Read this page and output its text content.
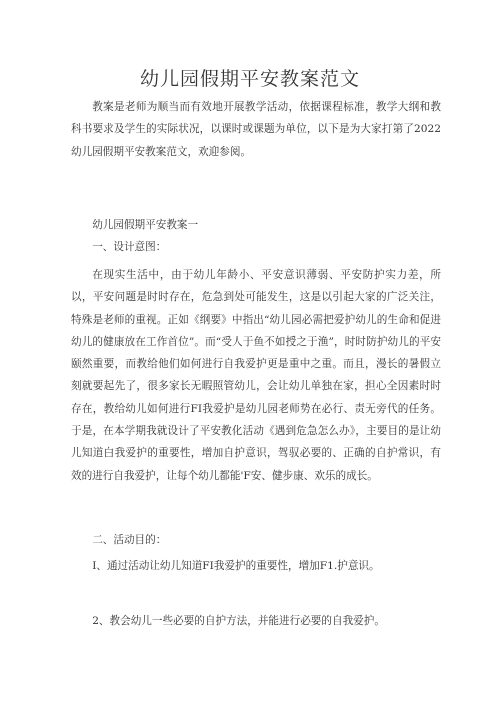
幼儿园假期平安教案范文

教案是老师为顺当而有效地开展教学活动，依据课程标准，教学大纲和教科书要求及学生的实际状况，以课时或课题为单位，以下是为大家打第了2022幼儿园假期平安教案范文，欢迎参阅。

幼儿园假期平安教案一

一、设计意图：

在现实生活中，由于幼儿年龄小、平安意识薄弱、平安防护实力差，所以，平安问题是时时存在，危急到处可能发生，这是以引起大家的广泛关注，特殊是老师的重视。正如《纲要》中指出“幼儿园必需把爱护幼儿的生命和促进幼儿的健康放在工作首位”。而“受人于鱼不如授之于渔”，时时防护幼儿的平安颐然重要，而教给他们如何进行自我爱护更是重中之重。而且，漫长的暑假立刻就要起先了，很多家长无暇照管幼儿，会让幼儿单独在家，担心全因素时时存在，教给幼儿如何进行FI我爱护是幼儿园老师势在必行、责无旁代的任务。于是，在本学期我就设计了平安教化活动《遇到危急怎么办》，主要目的是让幼儿知道白我爱护的重要性，增加自护意识，驾驭必要的、正确的自护常识，有效的进行自我爱护，让每个幼儿都能'F安、健步康、欢乐的成长。

二、活动目的：

I、通过活动让幼儿知道FI我爱护的重要性，增加F1.护意识。

2、教会幼儿一些必要的自护方法，并能进行必要的自我爱护。
